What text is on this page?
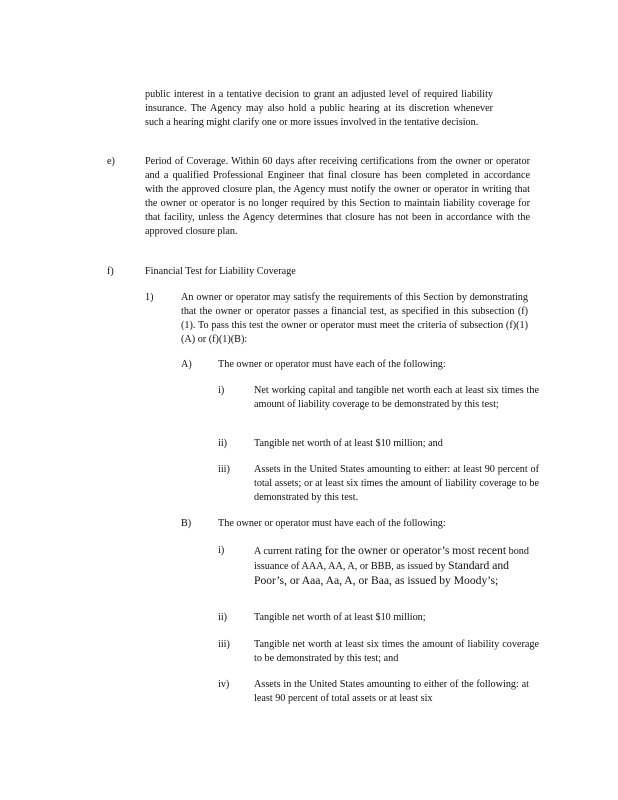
public interest in a tentative decision to grant an adjusted level of required liability insurance. The Agency may also hold a public hearing at its discretion whenever such a hearing might clarify one or more issues involved in the tentative decision.

e)	Period of Coverage. Within 60 days after receiving certifications from the owner or operator and a qualified Professional Engineer that final closure has been completed in accordance with the approved closure plan, the Agency must notify the owner or operator in writing that the owner or operator is no longer required by this Section to maintain liability coverage for that facility, unless the Agency determines that closure has not been in accordance with the approved closure plan.

f)	Financial Test for Liability Coverage

1)	An owner or operator may satisfy the requirements of this Section by demonstrating that the owner or operator passes a financial test, as specified in this subsection (f)(1). To pass this test the owner or operator must meet the criteria of subsection (f)(1)(A) or (f)(1)(B):

A)	The owner or operator must have each of the following:

i)	Net working capital and tangible net worth each at least six times the amount of liability coverage to be demonstrated by this test;

ii)	Tangible net worth of at least $10 million; and

iii) Assets in the United States amounting to either: at least 90 percent of total assets; or at least six times the amount of liability coverage to be demonstrated by this test.

B)	The owner or operator must have each of the following:

i)	A current rating for the owner or operator’s most recent bond issuance of AAA, AA, A, or BBB, as issued by Standard and Poor’s, or Aaa, Aa, A, or Baa, as issued by Moody’s;
ii)	Tangible net worth of at least $10 million;

iii) Tangible net worth at least six times the amount of liability coverage to be demonstrated by this test; and

iv) Assets in the United States amounting to either of the following: at least 90 percent of total assets or at least six
